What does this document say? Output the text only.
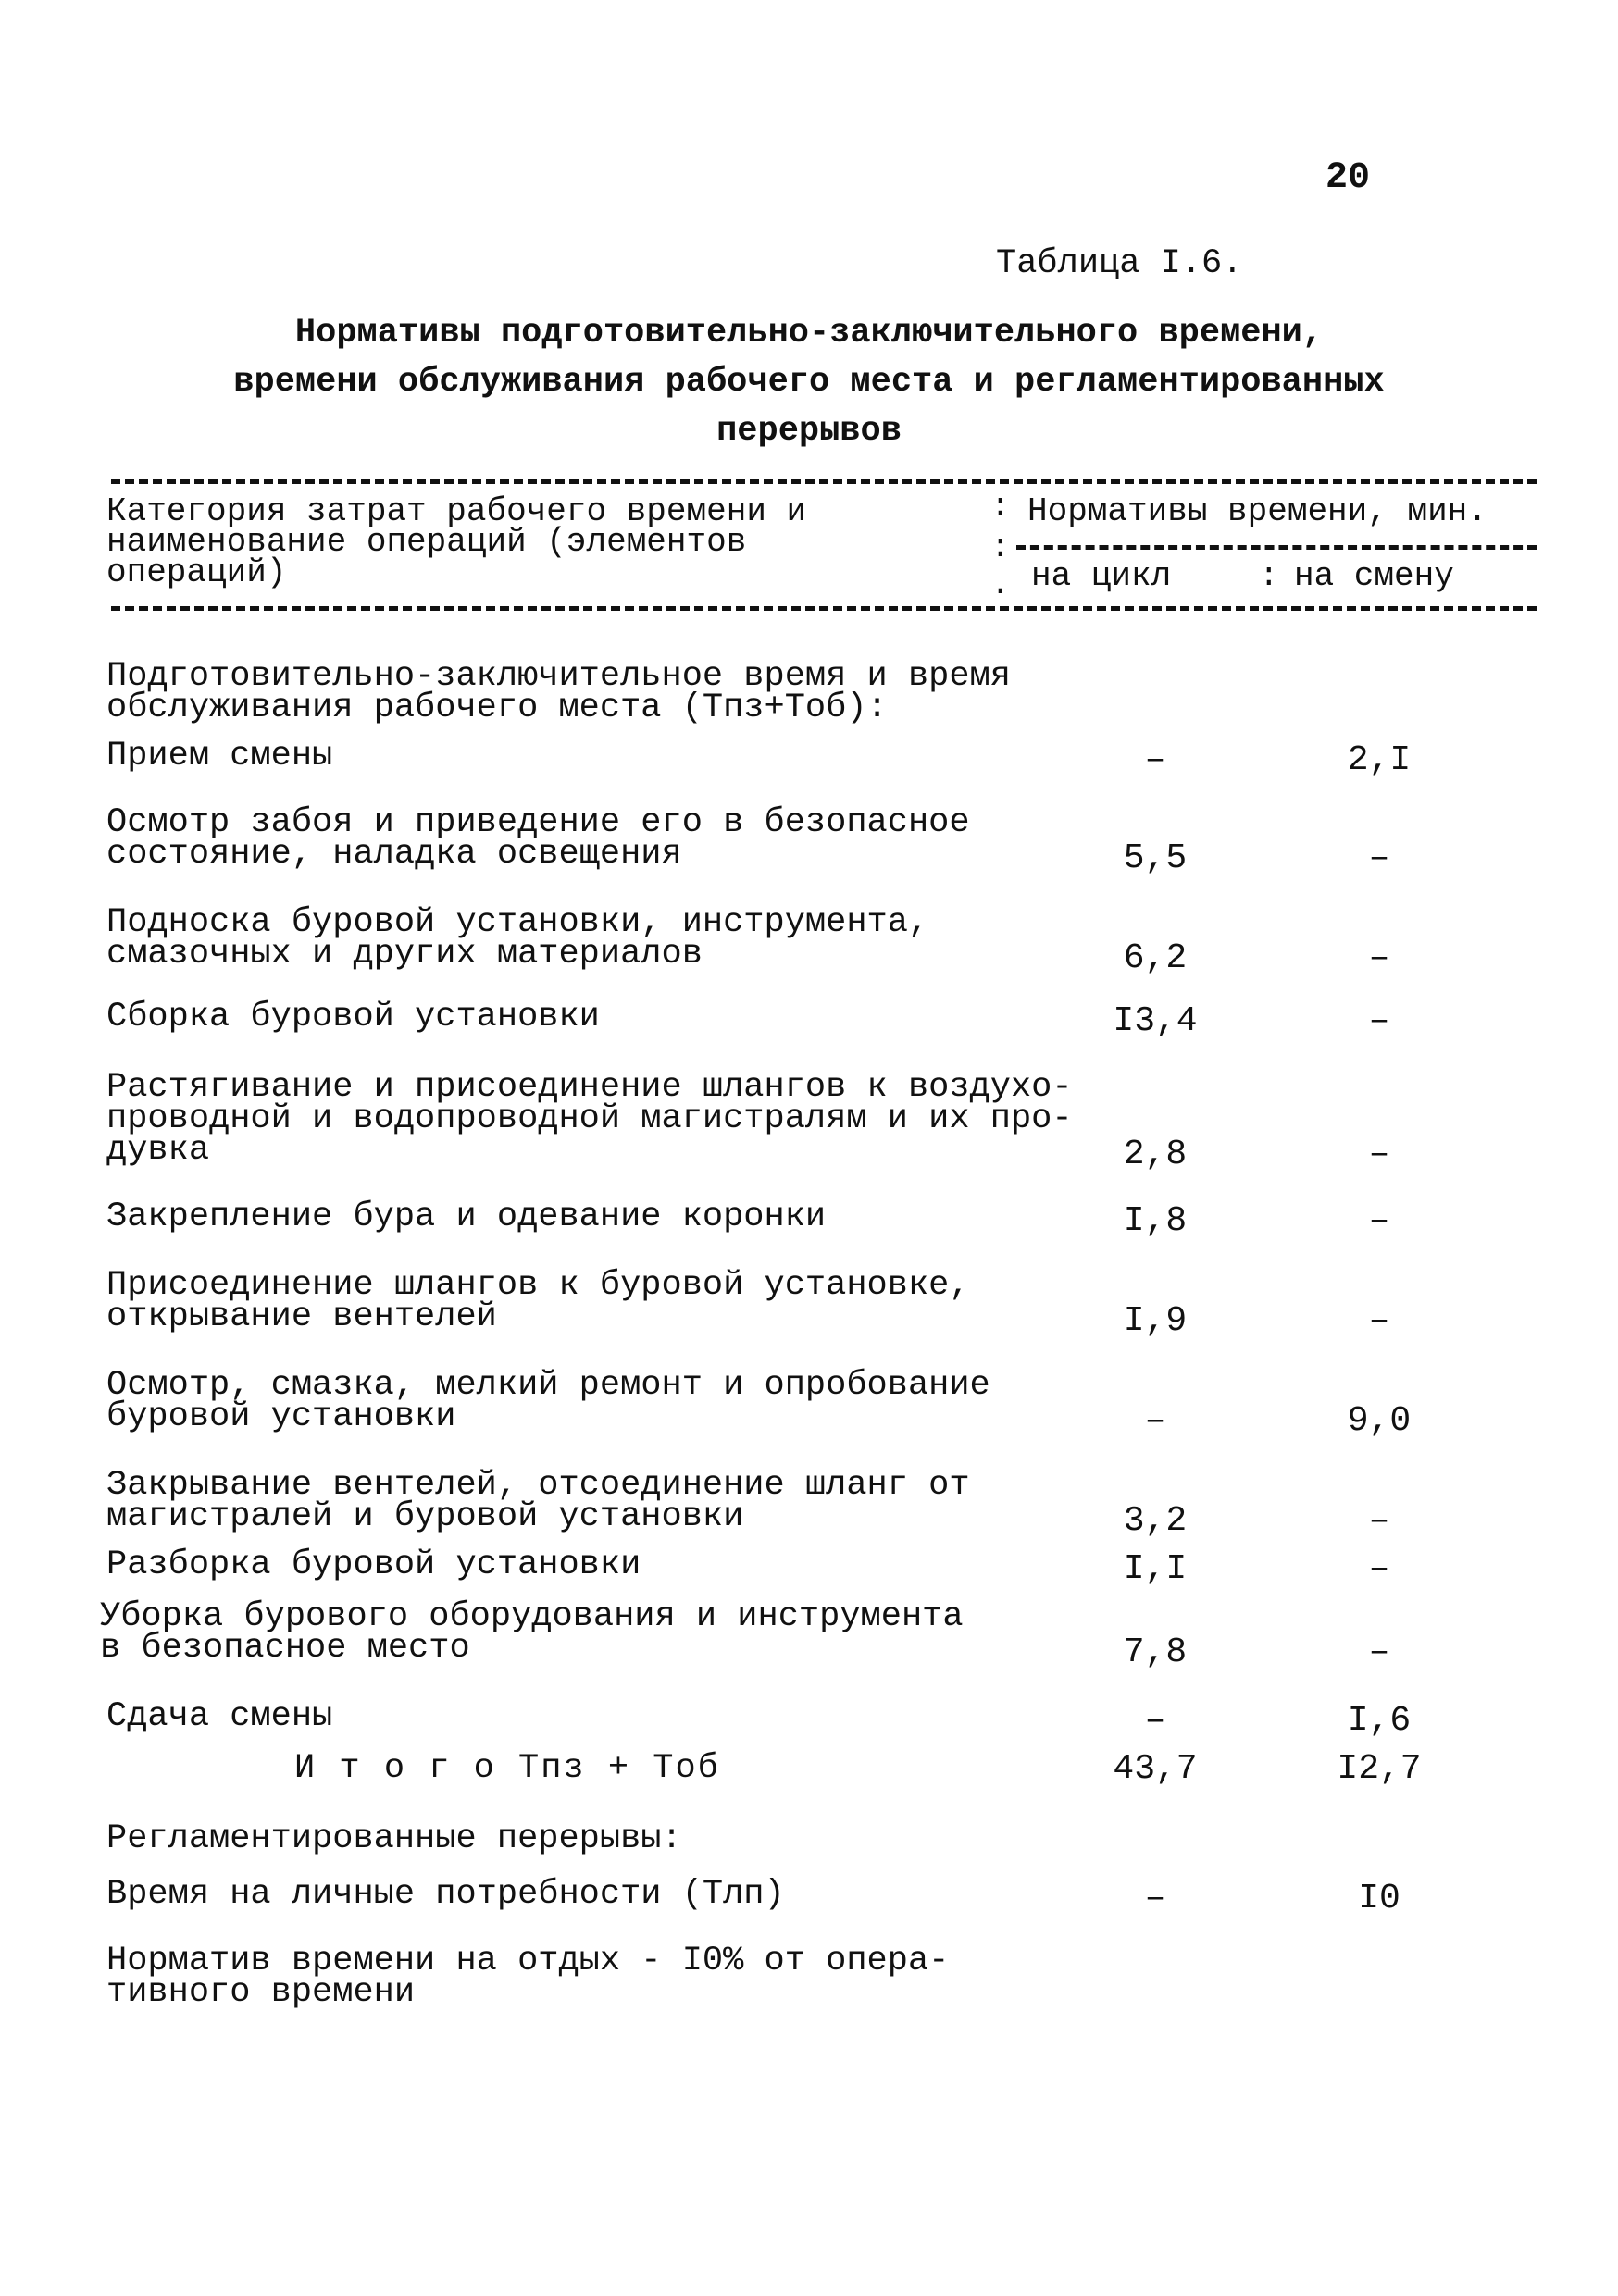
20
Таблица I.6.
Нормативы подготовительно-заключительного времени,
времени обслуживания рабочего места и регламентированных
перерывов
Категория затрат рабочего времени и
наименование операций (элементов
операций)
: Нормативы времени, мин.
:
. на цикл	: на смену
Подготовительно-заключительное время и время
обслуживания рабочего места (Тпз+Тоб):
Прием смены	–	2,I
Осмотр забоя и приведение его в безопасное
состояние, наладка освещения	5,5	–
Подноска буровой установки, инструмента,
смазочных и других материалов	6,2	–
Сборка буровой установки	I3,4	–
Растягивание и присоединение шлангов к воздухо-
проводной и водопроводной магистралям и их про-
дувка	2,8	–
Закрепление бура и одевание коронки	I,8	–
Присоединение шлангов к буровой установке,
открывание вентелей	I,9	–
Осмотр, смазка, мелкий ремонт и опробование
буровой установки	–	9,0
Закрывание вентелей, отсоединение шланг от
магистралей и буровой установки	3,2	–
Разборка буровой установки	I,I	–
Уборка бурового оборудования и инструмента
в безопасное место	7,8	–
Сдача смены	–	I,6
И т о г о Тпз + Тоб	43,7	I2,7
Регламентированные перерывы:
Время на личные потребности (Тлп)	–	I0
Норматив времени на отдых - I0% от опера-
тивного времени
